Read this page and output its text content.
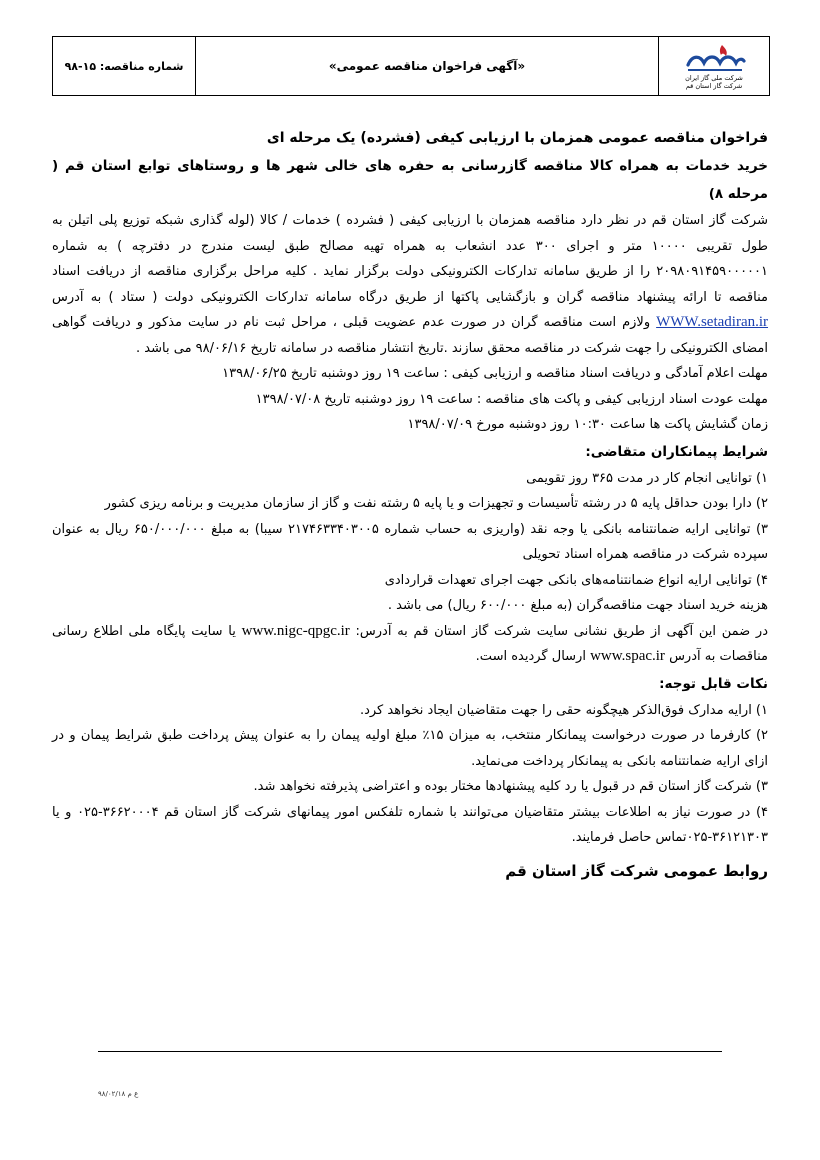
شماره مناقصه: ۱۵-۹۸	«آگهی فراخوان مناقصه عمومی»
شرکت ملی گاز ایران
شرکت گاز استان قم

فراخوان مناقصه عمومی همزمان با ارزیابی کیفی (فشرده) یک مرحله ای

خرید خدمات به همراه کالا مناقصه گازرسانی به حفره های خالی شهر ها و روستاهای توابع استان قم ( مرحله ۸)

شرکت گاز استان قم در نظر دارد مناقصه همزمان با ارزیابی کیفی ( فشرده ) خدمات / کالا (لوله گذاری شبکه توزیع پلی اتیلن به طول تقریبی ۱۰۰۰۰ متر و اجرای ۳۰۰ عدد انشعاب به همراه تهیه مصالح طبق لیست مندرج در دفترچه ) به شماره ۲۰۹۸۰۹۱۴۵۹۰۰۰۰۰۱ را از طریق سامانه تدارکات الکترونیکی دولت برگزار نماید . کلیه مراحل برگزاری مناقصه از دریافت اسناد مناقصه تا ارائه پیشنهاد مناقصه گران و بازگشایی پاکتها از طریق درگاه سامانه تدارکات الکترونیکی دولت ( ستاد ) به آدرس WWW.setadiran.ir ولازم است مناقصه گران در صورت عدم عضویت قبلی ، مراحل ثبت نام در سایت مذکور و دریافت گواهی امضای الکترونیکی را جهت شرکت در مناقصه محقق سازند .تاریخ انتشار مناقصه در سامانه تاریخ ۹۸/۰۶/۱۶ می باشد .

مهلت اعلام آمادگی و دریافت اسناد مناقصه و ارزیابی کیفی : ساعت ۱۹ روز دوشنبه تاریخ ۱۳۹۸/۰۶/۲۵

مهلت عودت اسناد ارزیابی کیفی و پاکت های مناقصه : ساعت ۱۹ روز دوشنبه تاریخ ۱۳۹۸/۰۷/۰۸

زمان گشایش پاکت ها ساعت ۱۰:۳۰ روز دوشنبه مورخ ۱۳۹۸/۰۷/۰۹

شرایط پیمانکاران متقاضی:

۱) توانایی انجام کار در مدت ۳۶۵ روز تقویمی

۲) دارا بودن حداقل پایه ۵ در رشته تأسیسات و تجهیزات و یا پایه ۵ رشته نفت و گاز از سازمان مدیریت و برنامه ریزی کشور

۳) توانایی ارایه ضمانتنامه بانکی یا وجه نقد (واریزی به حساب شماره ۲۱۷۴۶۳۳۴۰۳۰۰۵ سیبا) به مبلغ ۶۵۰/۰۰۰/۰۰۰ ریال به عنوان سپرده شرکت در مناقصه همراه اسناد تحویلی

۴) توانایی ارایه انواع ضمانتنامه‌های بانکی جهت اجرای تعهدات قراردادی

هزینه خرید اسناد جهت مناقصه‌گران (به مبلغ ۶۰۰/۰۰۰ ریال) می باشد .

در ضمن این آگهی از طریق نشانی سایت شرکت گاز استان قم به آدرس: www.nigc-qpgc.ir یا سایت پایگاه ملی اطلاع رسانی مناقصات به آدرس www.spac.ir ارسال گردیده است.

نکات قابل توجه:

۱) ارایه مدارک فوق‌الذکر هیچگونه حقی را جهت متقاضیان ایجاد نخواهد کرد.

۲) کارفرما در صورت درخواست پیمانکار منتخب، به میزان ۱۵٪ مبلغ اولیه پیمان را به عنوان پیش پرداخت طبق شرایط پیمان و در ازای ارایه ضمانتنامه بانکی به پیمانکار پرداخت می‌نماید.

۳) شرکت گاز استان قم در قبول یا رد کلیه پیشنهادها مختار بوده و اعتراضی پذیرفته نخواهد شد.

۴) در صورت نیاز به اطلاعات بیشتر متقاضیان می‌توانند با شماره تلفکس امور پیمانهای شرکت گاز استان قم ۳۶۶۲۰۰۰۴-۰۲۵ و یا ۳۶۱۲۱۳۰۳-۰۲۵تماس حاصل فرمایند.

روابط عمومی شرکت گاز استان قم

ع م ۹۸/۰۲/۱۸
